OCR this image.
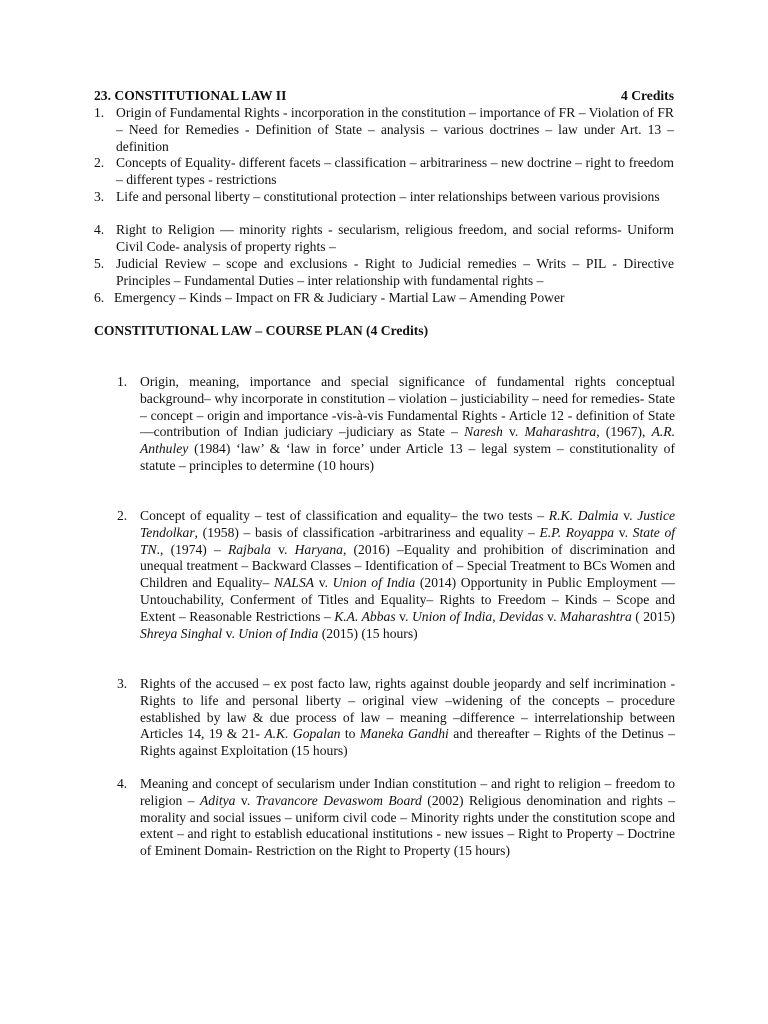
23. CONSTITUTIONAL LAW II	4 Credits
1. Origin of Fundamental Rights - incorporation in the constitution – importance of FR – Violation of FR – Need for Remedies - Definition of State – analysis – various doctrines – law under Art. 13 – definition

2. Concepts of Equality- different facets – classification – arbitrariness – new doctrine – right to freedom – different types - restrictions

3. Life and personal liberty – constitutional protection – inter relationships between various provisions

4. Right to Religion –– minority rights - secularism, religious freedom, and social reforms- Uniform Civil Code- analysis of property rights –

5. Judicial Review – scope and exclusions - Right to Judicial remedies – Writs – PIL - Directive Principles – Fundamental Duties – inter relationship with fundamental rights –

6. Emergency – Kinds – Impact on FR & Judiciary - Martial Law – Amending Power

CONSTITUTIONAL LAW – COURSE PLAN (4 Credits)
1. Origin, meaning, importance and special significance of fundamental rights conceptual background– why incorporate in constitution – violation – justiciability – need for remedies- State – concept – origin and importance -vis-à-vis Fundamental Rights - Article 12 - definition of State ––contribution of Indian judiciary –judiciary as State – Naresh v. Maharashtra, (1967), A.R. Anthuley (1984) ‘law’ & ‘law in force’ under Article 13 – legal system – constitutionality of statute – principles to determine (10 hours)

2. Concept of equality – test of classification and equality– the two tests – R.K. Dalmia v. Justice Tendolkar, (1958) – basis of classification -arbitrariness and equality – E.P. Royappa v. State of TN., (1974) – Rajbala v. Haryana, (2016) –Equality and prohibition of discrimination and unequal treatment – Backward Classes – Identification of – Special Treatment to BCs Women and Children and Equality– NALSA v. Union of India (2014) Opportunity in Public Employment –– Untouchability, Conferment of Titles and Equality– Rights to Freedom – Kinds – Scope and Extent – Reasonable Restrictions – K.A. Abbas v. Union of India, Devidas v. Maharashtra ( 2015) Shreya Singhal v. Union of India (2015) (15 hours)

3. Rights of the accused – ex post facto law, rights against double jeopardy and self incrimination - Rights to life and personal liberty – original view –widening of the concepts – procedure established by law & due process of law – meaning –difference – interrelationship between Articles 14, 19 & 21- A.K. Gopalan to Maneka Gandhi and thereafter – Rights of the Detinus – Rights against Exploitation (15 hours)

4. Meaning and concept of secularism under Indian constitution – and right to religion – freedom to religion – Aditya v. Travancore Devaswom Board (2002) Religious denomination and rights – morality and social issues – uniform civil code – Minority rights under the constitution scope and extent – and right to establish educational institutions - new issues – Right to Property – Doctrine of Eminent Domain- Restriction on the Right to Property (15 hours)
